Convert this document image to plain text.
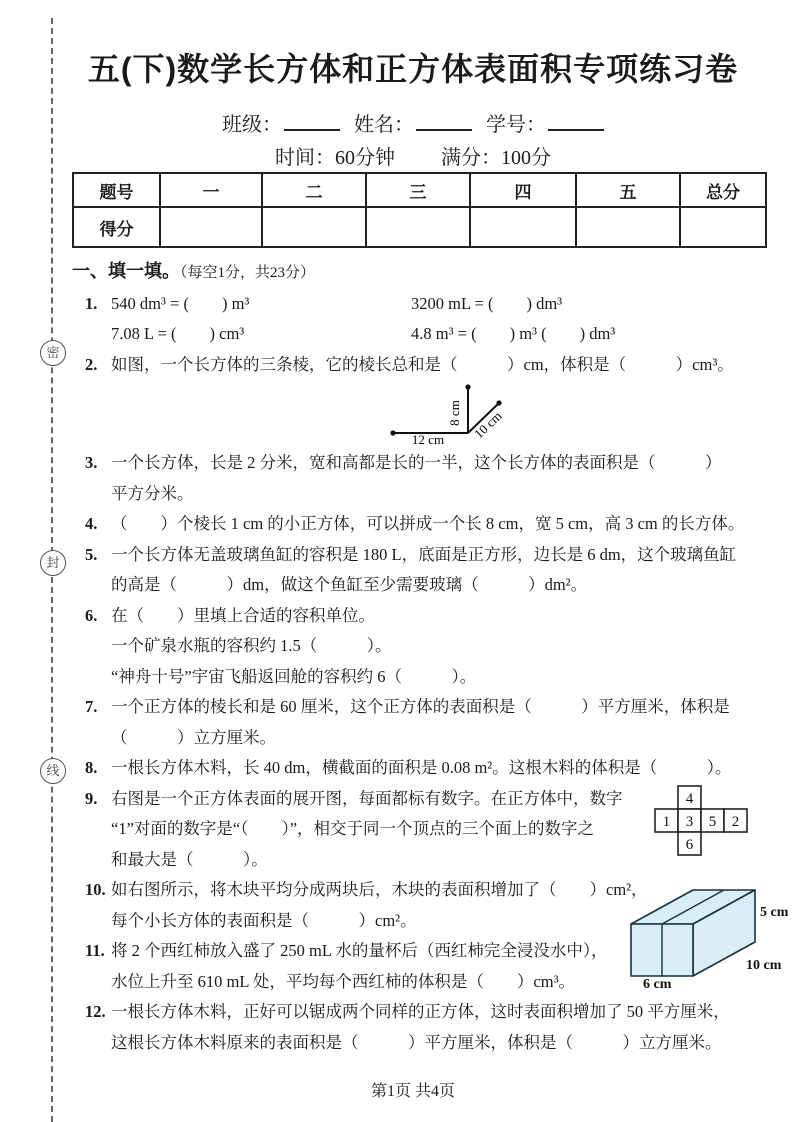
密
封
线
五(下)数学长方体和正方体表面积专项练习卷
班级：	姓名：	学号：
时间：60分钟 满分：100分
题号	一	二	三	四	五	总分
得分						
一、填一填。（每空1分，共23分）
1. 540 dm³ = (        ) m³	3200 mL = (        ) dm³

7.08 L = (        ) cm³	4.8 m³ = (        ) m³ (        ) dm³
2. 如图，一个长方体的三条棱，它的棱长总和是（　　　）cm，体积是（　　　）cm³。
8 cm
12 cm 10 cm
3. 一个长方体，长是 2 分米，宽和高都是长的一半，这个长方体的表面积是（　　　）
平方分米。
4. （　　）个棱长 1 cm 的小正方体，可以拼成一个长 8 cm，宽 5 cm，高 3 cm 的长方体。
5. 一个长方体无盖玻璃鱼缸的容积是 180 L，底面是正方形，边长是 6 dm，这个玻璃鱼缸
的高是（　　　）dm，做这个鱼缸至少需要玻璃（　　　）dm²。
6. 在（　　）里填上合适的容积单位。
一个矿泉水瓶的容积约 1.5（　　　）。
“神舟十号”宇宙飞船返回舱的容积约 6（　　　）。
7. 一个正方体的棱长和是 60 厘米，这个正方体的表面积是（　　　）平方厘米，体积是
（　　　）立方厘米。
8. 一根长方体木料，长 40 dm，横截面的面积是 0.08 m²。这根木料的体积是（　　　）。
9. 右图是一个正方体表面的展开图，每面都标有数字。在正方体中，数字
“1”对面的数字是“（　　）”，相交于同一个顶点的三个面上的数字之
和最大是（　　　）。
4
1 3 5 2
6
10. 如右图所示，将木块平均分成两块后，木块的表面积增加了（　　）cm²，
每个小长方体的表面积是（　　　）cm²。
11. 将 2 个西红柿放入盛了 250 mL 水的量杯后（西红柿完全浸没水中），
水位上升至 610 mL 处，平均每个西红柿的体积是（　　）cm³。
12. 一根长方体木料，正好可以锯成两个同样的正方体，这时表面积增加了 50 平方厘米，
这根长方体木料原来的表面积是（　　　）平方厘米，体积是（　　　）立方厘米。
5 cm
10 cm
6 cm
第1页 共4页
